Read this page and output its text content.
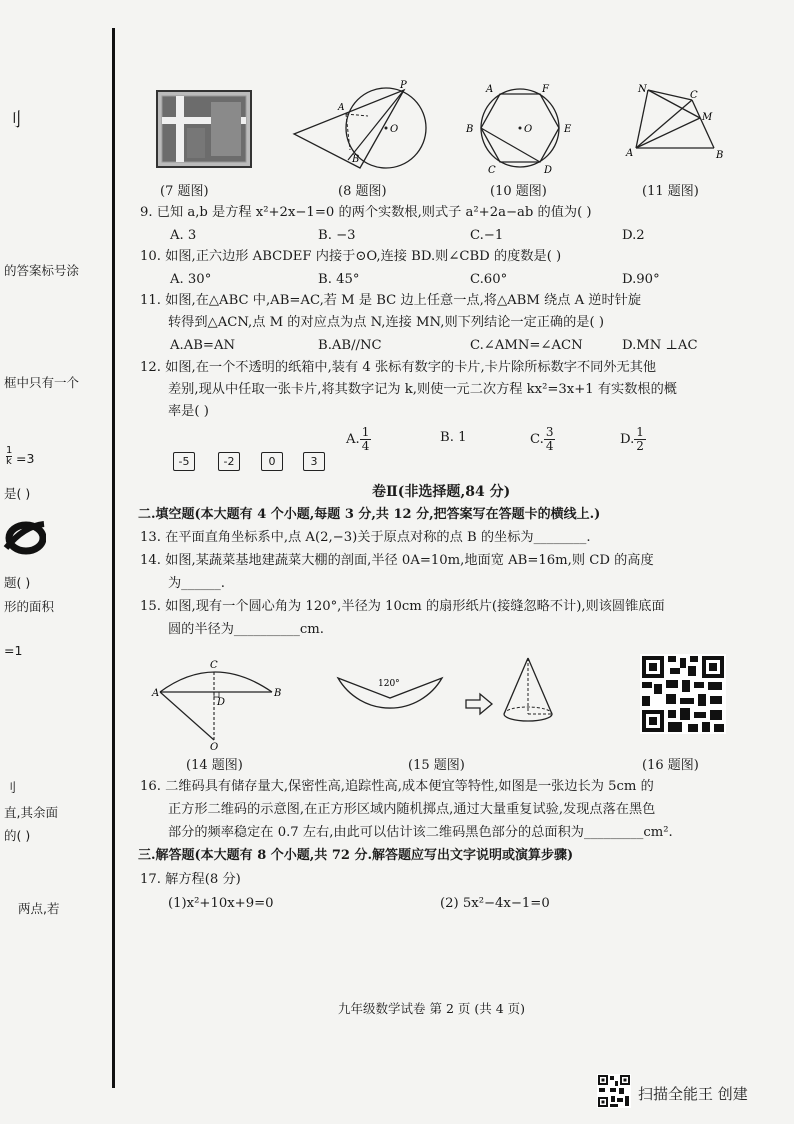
刂
的答案标号涂
框中只有一个
1
k =3
是( )
题( )
形的面积
=1
刂
直,其余面
的( )
两点,若
(7 题图)
P
A
O
B
(8 题图)
A	F
B	O	E
C	D
(10 题图)
N
C
M
A	B
(11 题图)
9. 已知 a,b 是方程 x²+2x−1=0 的两个实数根,则式子 a²+2a−ab 的值为( )
A. 3	B. −3	C.−1	D.2
10. 如图,正六边形 ABCDEF 内接于⊙O,连接 BD.则∠CBD 的度数是( )
A. 30°	B. 45°	C.60°	D.90°
11. 如图,在△ABC 中,AB=AC,若 M 是 BC 边上任意一点,将△ABM 绕点 A 逆时针旋
转得到△ACN,点 M 的对应点为点 N,连接 MN,则下列结论一定正确的是( )
A.AB=AN	B.AB//NC	C.∠AMN=∠ACN	D.MN ⊥AC
12. 如图,在一个不透明的纸箱中,装有 4 张标有数字的卡片,卡片除所标数字不同外无其他
差别,现从中任取一张卡片,将其数字记为 k,则使一元二次方程 kx²=3x+1 有实数根的概
率是( )
-5	-2	0	3
A. $\frac{1}{4}$	B. 1	C. $\frac{3}{4}$	D. $\frac{1}{2}$
卷Ⅱ(非选择题,84 分)
二.填空题(本大题有 4 个小题,每题 3 分,共 12 分,把答案写在答题卡的横线上.)
13. 在平面直角坐标系中,点 A(2,−3)关于原点对称的点 B 的坐标为________.
14. 如图,某蔬菜基地建蔬菜大棚的剖面,半径 0A=10m,地面宽 AB=16m,则 CD 的高度
为______.
15. 如图,现有一个圆心角为 120°,半径为 10cm 的扇形纸片(接缝忽略不计),则该圆锥底面
圆的半径为__________cm.
C
A
D
B
O
(14 题图)
120°
(15 题图)	(16 题图)
16. 二维码具有储存量大,保密性高,追踪性高,成本便宜等特性,如图是一张边长为 5cm 的
正方形二维码的示意图,在正方形区域内随机掷点,通过大量重复试验,发现点落在黑色
部分的频率稳定在 0.7 左右,由此可以估计该二维码黑色部分的总面积为_________cm².
三.解答题(本大题有 8 个小题,共 72 分.解答题应写出文字说明或演算步骤)
17. 解方程(8 分)
(1)x²+10x+9=0	(2) 5x²−4x−1=0
九年级数学试卷 第 2 页 (共 4 页)
扫描全能王 创建
